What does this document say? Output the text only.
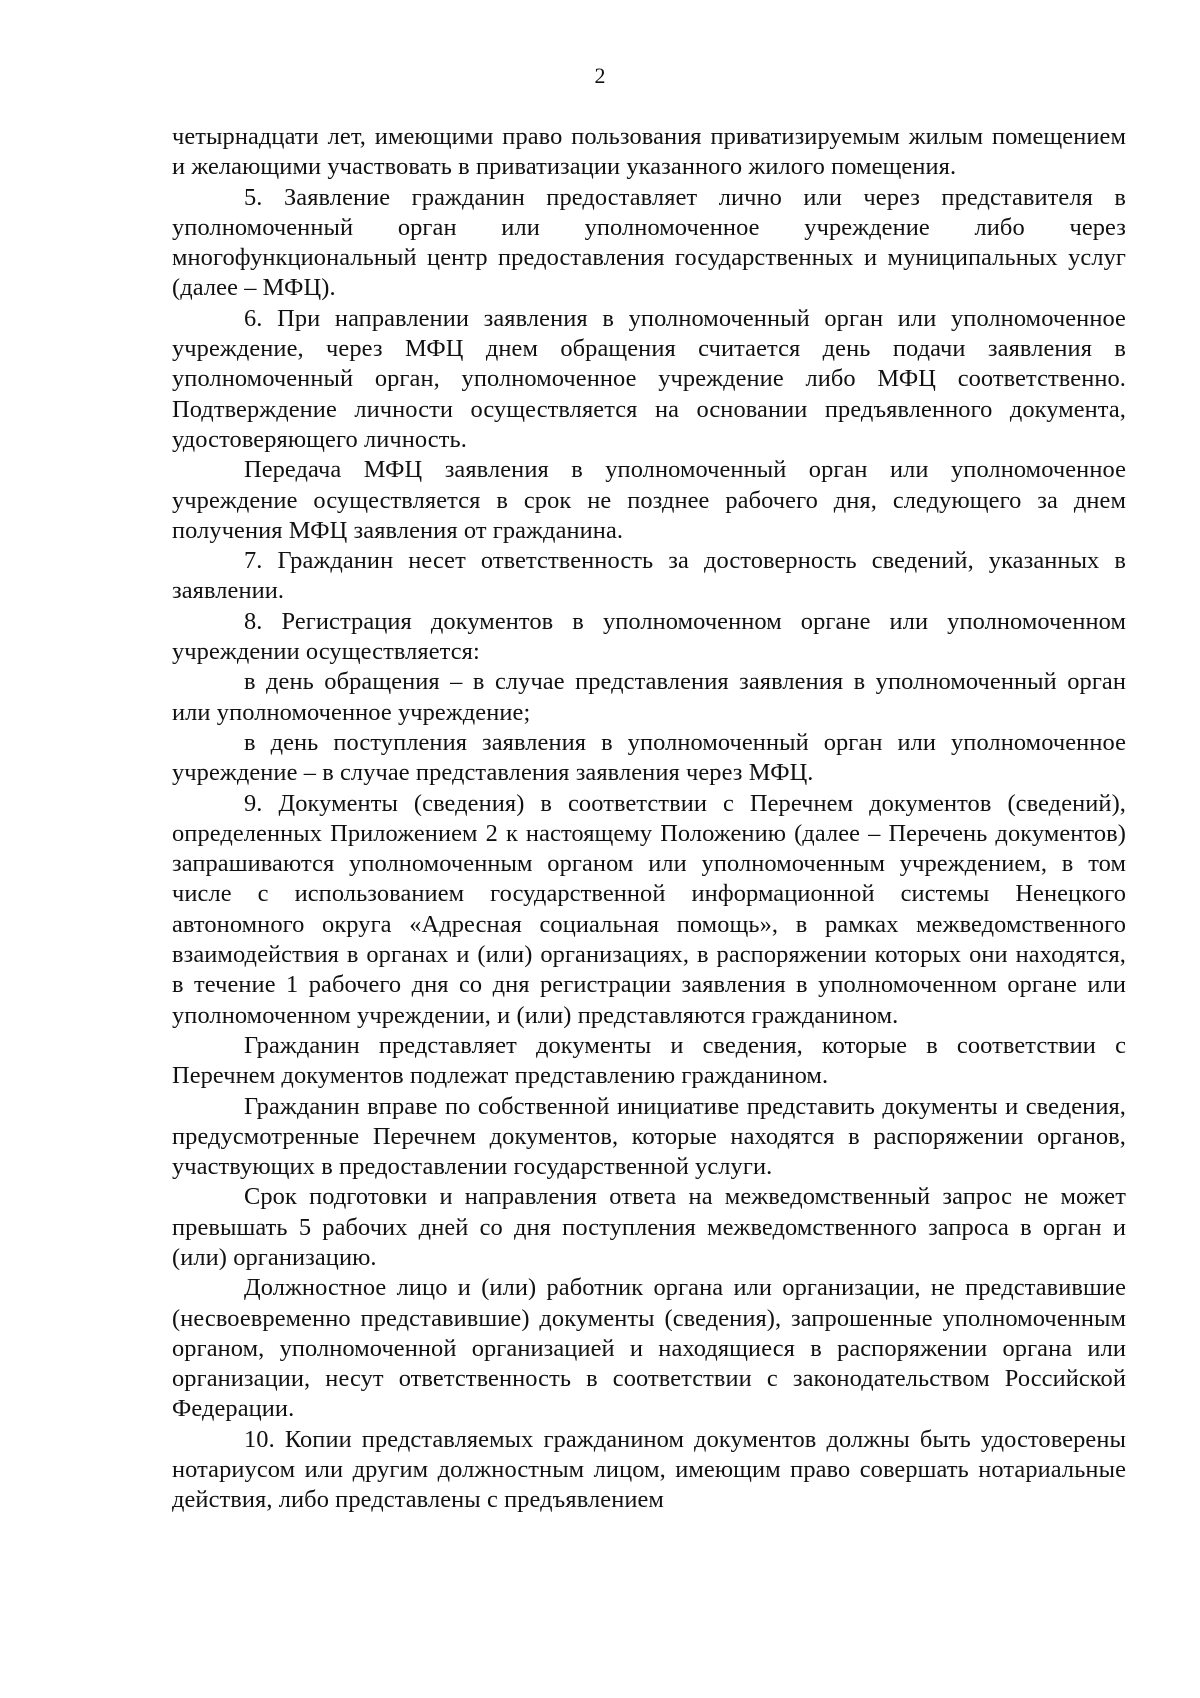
2

четырнадцати лет, имеющими право пользования приватизируемым жилым помещением и желающими участвовать в приватизации указанного жилого помещения.

5. Заявление гражданин предоставляет лично или через представителя в уполномоченный орган или уполномоченное учреждение либо через многофункциональный центр предоставления государственных и муниципальных услуг (далее – МФЦ).

6. При направлении заявления в уполномоченный орган или уполномоченное учреждение, через МФЦ днем обращения считается день подачи заявления в уполномоченный орган, уполномоченное учреждение либо МФЦ соответственно. Подтверждение личности осуществляется на основании предъявленного документа, удостоверяющего личность.

Передача МФЦ заявления в уполномоченный орган или уполномоченное учреждение осуществляется в срок не позднее рабочего дня, следующего за днем получения МФЦ заявления от гражданина.

7. Гражданин несет ответственность за достоверность сведений, указанных в заявлении.

8. Регистрация документов в уполномоченном органе или уполномоченном учреждении осуществляется:

в день обращения – в случае представления заявления в уполномоченный орган или уполномоченное учреждение;

в день поступления заявления в уполномоченный орган или уполномоченное учреждение – в случае представления заявления через МФЦ.

9. Документы (сведения) в соответствии с Перечнем документов (сведений), определенных Приложением 2 к настоящему Положению (далее – Перечень документов) запрашиваются уполномоченным органом или уполномоченным учреждением, в том числе с использованием государственной информационной системы Ненецкого автономного округа «Адресная социальная помощь», в рамках межведомственного взаимодействия в органах и (или) организациях, в распоряжении которых они находятся, в течение 1 рабочего дня со дня регистрации заявления в уполномоченном органе или уполномоченном учреждении, и (или) представляются гражданином.

Гражданин представляет документы и сведения, которые в соответствии с Перечнем документов подлежат представлению гражданином.

Гражданин вправе по собственной инициативе представить документы и сведения, предусмотренные Перечнем документов, которые находятся в распоряжении органов, участвующих в предоставлении государственной услуги.

Срок подготовки и направления ответа на межведомственный запрос не может превышать 5 рабочих дней со дня поступления межведомственного запроса в орган и (или) организацию.

Должностное лицо и (или) работник органа или организации, не представившие (несвоевременно представившие) документы (сведения), запрошенные уполномоченным органом, уполномоченной организацией и находящиеся в распоряжении органа или организации, несут ответственность в соответствии с законодательством Российской Федерации.

10. Копии представляемых гражданином документов должны быть удостоверены нотариусом или другим должностным лицом, имеющим право совершать нотариальные действия, либо представлены с предъявлением
